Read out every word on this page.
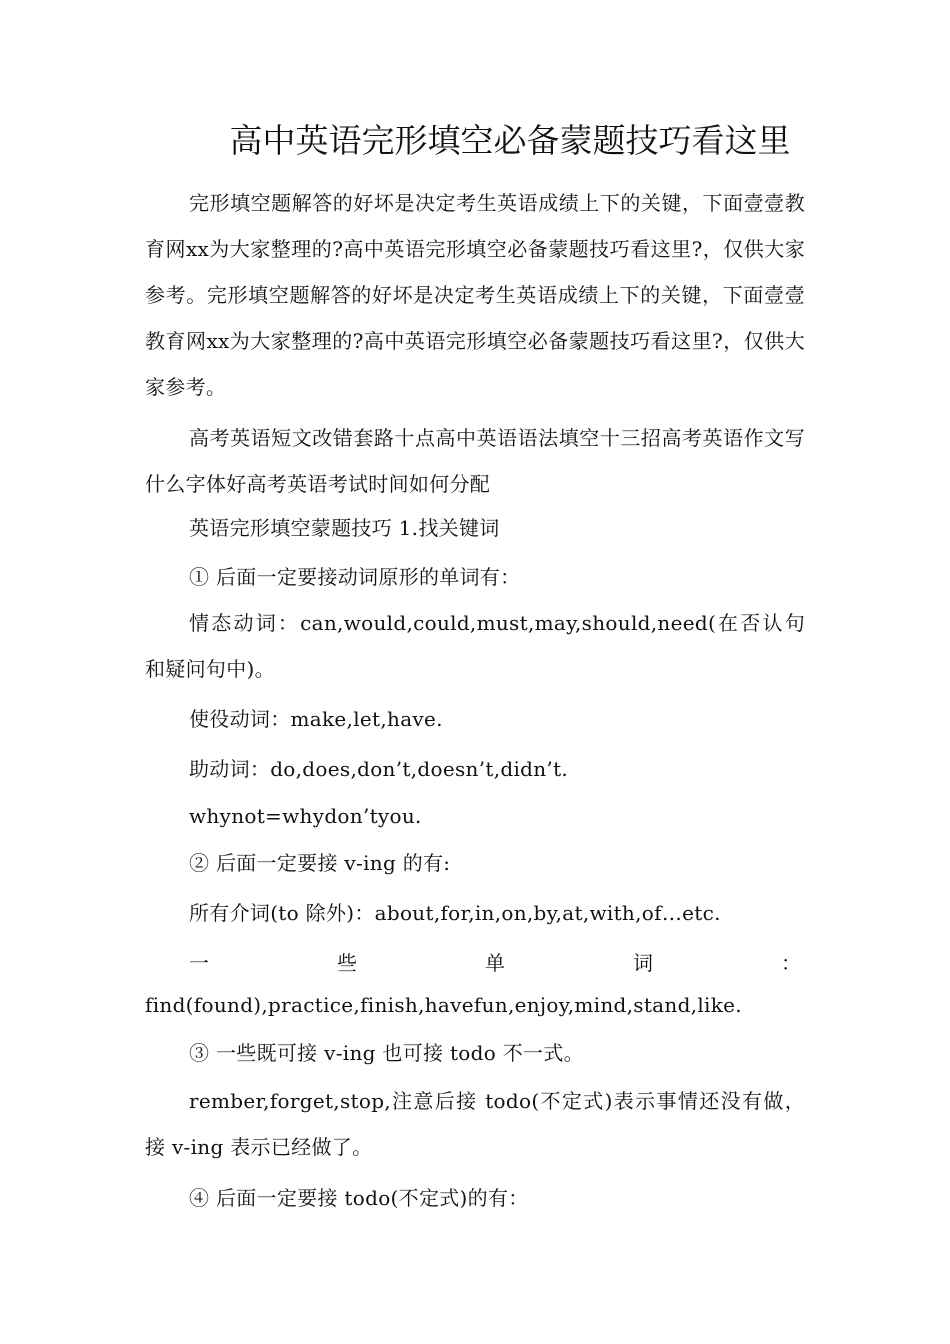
高中英语完形填空必备蒙题技巧看这里

完形填空题解答的好坏是决定考生英语成绩上下的关键，下面壹壹教育网xx为大家整理的?高中英语完形填空必备蒙题技巧看这里?，仅供大家参考。完形填空题解答的好坏是决定考生英语成绩上下的关键，下面壹壹教育网xx为大家整理的?高中英语完形填空必备蒙题技巧看这里?，仅供大家参考。

高考英语短文改错套路十点高中英语语法填空十三招高考英语作文写什么字体好高考英语考试时间如何分配

英语完形填空蒙题技巧 1.找关键词

① 后面一定要接动词原形的单词有：

情态动词：can,would,could,must,may,should,need(在否认句和疑问句中)。

使役动词：make,let,have.

助动词：do,does,don’t,doesn’t,didn’t.

whynot=whydon’tyou.

② 后面一定要接 v-ing 的有:

所有介词(to 除外)：about,for,in,on,by,at,with,of…etc.

一	些	单	词	：

find(found),practice,finish,havefun,enjoy,mind,stand,like.

③ 一些既可接 v-ing 也可接 todo 不一式。

rember,forget,stop,注意后接 todo(不定式)表示事情还没有做，接 v-ing 表示已经做了。

④ 后面一定要接 todo(不定式)的有：
